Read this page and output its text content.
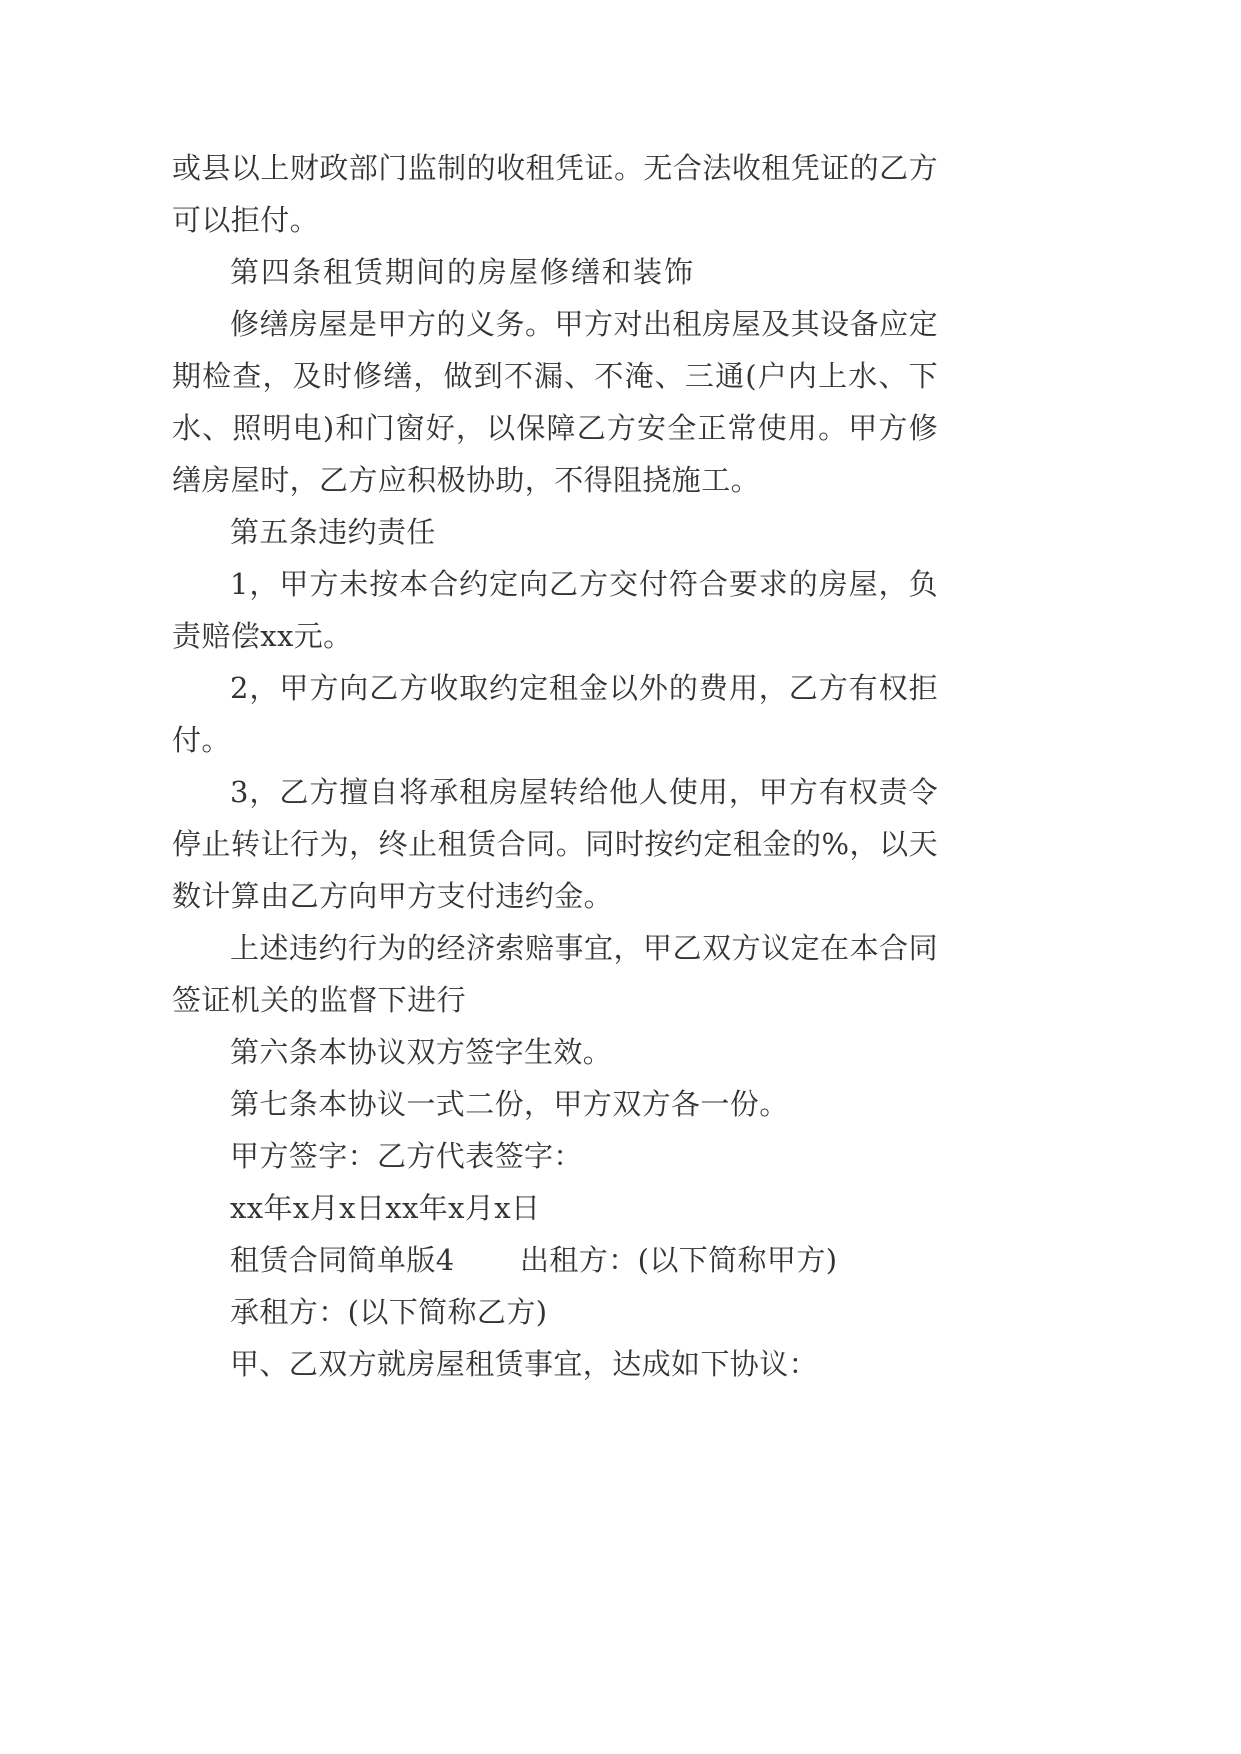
或县以上财政部门监制的收租凭证。无合法收租凭证的乙方
可以拒付。
第四条租赁期间的房屋修缮和装饰
修缮房屋是甲方的义务。甲方对出租房屋及其设备应定
期检查，及时修缮，做到不漏、不淹、三通(户内上水、下
水、照明电)和门窗好，以保障乙方安全正常使用。甲方修
缮房屋时，乙方应积极协助，不得阻挠施工。
第五条违约责任
1，甲方未按本合约定向乙方交付符合要求的房屋，负
责赔偿xx元。
2，甲方向乙方收取约定租金以外的费用，乙方有权拒
付。
3，乙方擅自将承租房屋转给他人使用，甲方有权责令
停止转让行为，终止租赁合同。同时按约定租金的%，以天
数计算由乙方向甲方支付违约金。
上述违约行为的经济索赔事宜，甲乙双方议定在本合同
签证机关的监督下进行
第六条本协议双方签字生效。
第七条本协议一式二份，甲方双方各一份。
甲方签字：乙方代表签字：
xx年x月x日xx年x月x日
租赁合同简单版4 出租方：(以下简称甲方)
承租方：(以下简称乙方)
甲、乙双方就房屋租赁事宜，达成如下协议：
